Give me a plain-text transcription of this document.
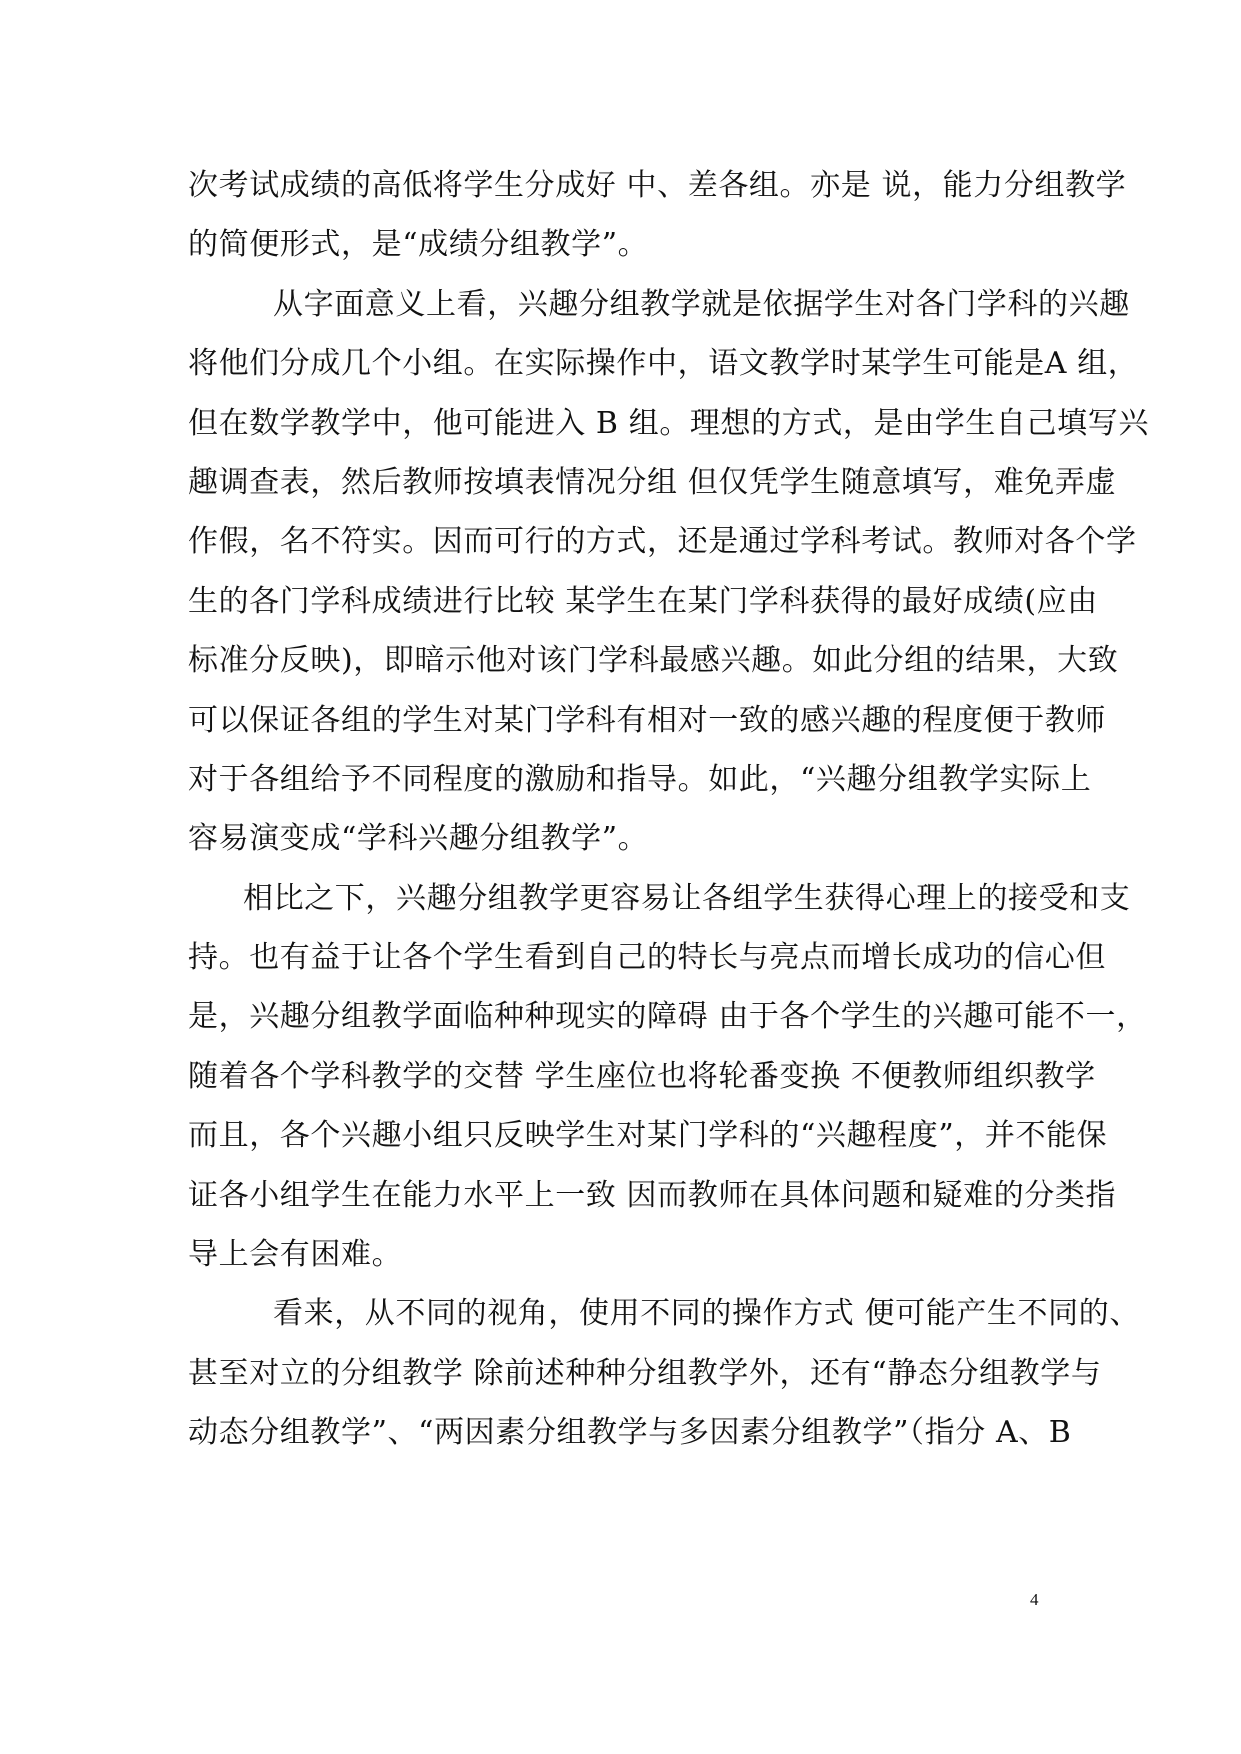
次考试成绩的高低将学生分成好 中、差各组。亦是 说，能力分组教学
的简便形式，是“成绩分组教学”。
从字面意义上看，兴趣分组教学就是依据学生对各门学科的兴趣
将他们分成几个小组。在实际操作中，语文教学时某学生可能是A 组，
但在数学教学中，他可能进入 B 组。理想的方式，是由学生自己填写兴
趣调查表，然后教师按填表情况分组 但仅凭学生随意填写，难免弄虚
作假，名不符实。因而可行的方式，还是通过学科考试。教师对各个学
生的各门学科成绩进行比较 某学生在某门学科获得的最好成绩(应由
标准分反映)，即暗示他对该门学科最感兴趣。如此分组的结果，大致
可以保证各组的学生对某门学科有相对一致的感兴趣的程度便于教师
对于各组给予不同程度的激励和指导。如此，“兴趣分组教学实际上
容易演变成“学科兴趣分组教学”。
相比之下，兴趣分组教学更容易让各组学生获得心理上的接受和支
持。也有益于让各个学生看到自己的特长与亮点而增长成功的信心但
是，兴趣分组教学面临种种现实的障碍 由于各个学生的兴趣可能不一，
随着各个学科教学的交替 学生座位也将轮番变换 不便教师组织教学
而且，各个兴趣小组只反映学生对某门学科的“兴趣程度”，并不能保
证各小组学生在能力水平上一致 因而教师在具体问题和疑难的分类指
导上会有困难。
看来，从不同的视角，使用不同的操作方式 便可能产生不同的、
甚至对立的分组教学 除前述种种分组教学外，还有“静态分组教学与
动态分组教学”、“两因素分组教学与多因素分组教学”（指分 A、B
4
